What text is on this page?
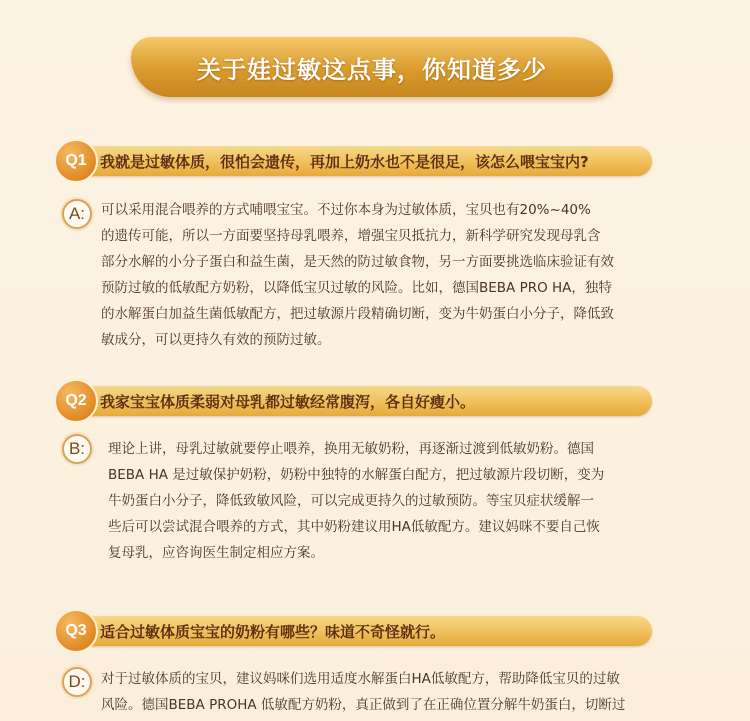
关于娃过敏这点事，你知道多少
Q1 我就是过敏体质，很怕会遗传，再加上奶水也不是很足，该怎么喂宝宝内?
A:	可以采用混合喂养的方式哺喂宝宝。不过你本身为过敏体质，宝贝也有20%~40%
的遗传可能，所以一方面要坚持母乳喂养，增强宝贝抵抗力，新科学研究发现母乳含
部分水解的小分子蛋白和益生菌，是天然的防过敏食物，另一方面要挑选临床验证有效
预防过敏的低敏配方奶粉，以降低宝贝过敏的风险。比如，德国BEBA PRO HA，独特
的水解蛋白加益生菌低敏配方，把过敏源片段精确切断，变为牛奶蛋白小分子，降低致
敏成分，可以更持久有效的预防过敏。
Q2 我家宝宝体质柔弱对母乳都过敏经常腹泻，各自好瘦小。
B:	理论上讲，母乳过敏就要停止喂养，换用无敏奶粉，再逐渐过渡到低敏奶粉。德国
BEBA HA 是过敏保护奶粉，奶粉中独特的水解蛋白配方，把过敏源片段切断，变为
牛奶蛋白小分子，降低致敏风险，可以完成更持久的过敏预防。等宝贝症状缓解一
些后可以尝试混合喂养的方式，其中奶粉建议用HA低敏配方。建议妈咪不要自己恢
复母乳，应咨询医生制定相应方案。
Q3 适合过敏体质宝宝的奶粉有哪些？味道不奇怪就行。
D:	对于过敏体质的宝贝，建议妈咪们选用适度水解蛋白HA低敏配方，帮助降低宝贝的过敏
风险。德国BEBA PROHA 低敏配方奶粉，真正做到了在正确位置分解牛奶蛋白，切断过
